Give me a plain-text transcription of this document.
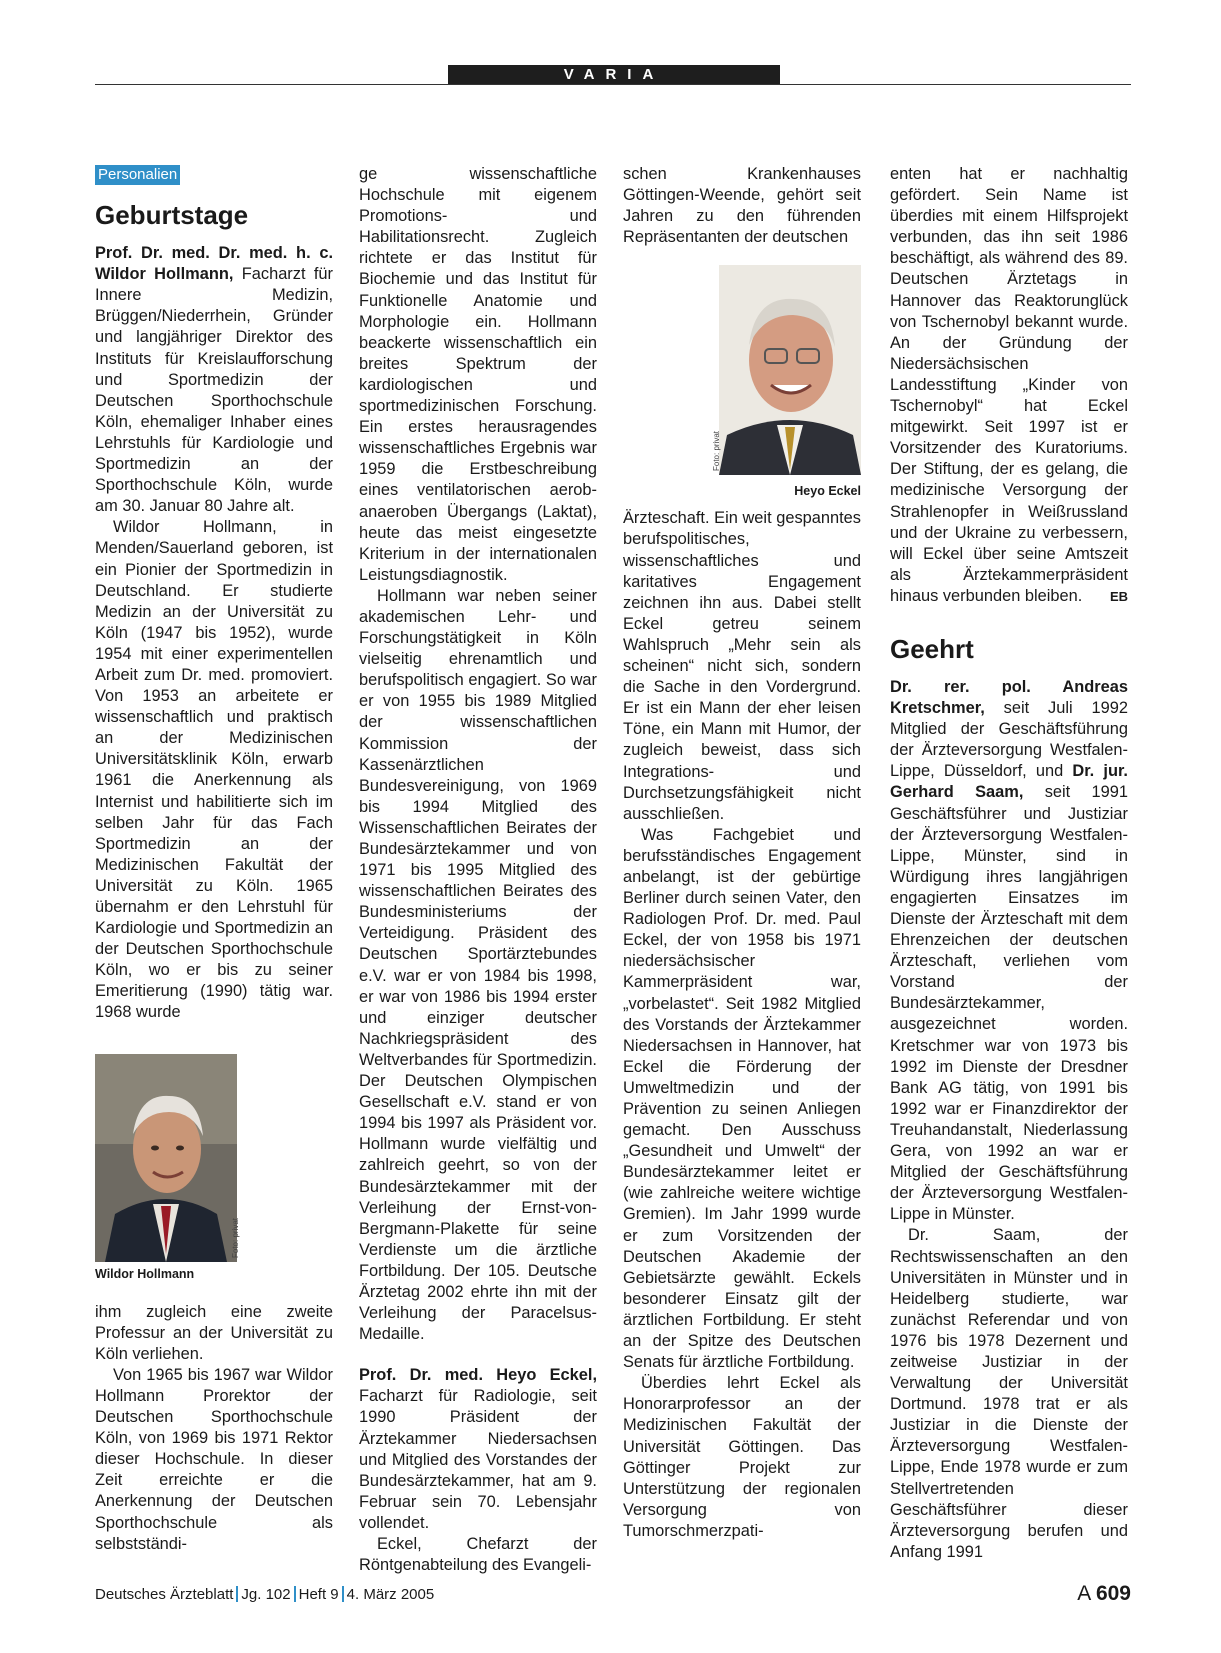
VARIA
Personalien
Geburtstage

Prof. Dr. med. Dr. med. h. c. Wildor Hollmann, Facharzt für Innere Medizin, Brüggen/Niederrhein, Gründer und langjähriger Direktor des Instituts für Kreislaufforschung und Sportmedizin der Deutschen Sporthochschule Köln, ehemaliger Inhaber eines Lehrstuhls für Kardiologie und Sportmedizin an der Sporthochschule Köln, wurde am 30. Januar 80 Jahre alt.

Wildor Hollmann, in Menden/Sauerland geboren, ist ein Pionier der Sportmedizin in Deutschland. Er studierte Medizin an der Universität zu Köln (1947 bis 1952), wurde 1954 mit einer experimentellen Arbeit zum Dr. med. promoviert. Von 1953 an arbeitete er wissenschaftlich und praktisch an der Medizinischen Universitätsklinik Köln, erwarb 1961 die Anerkennung als Internist und habilitierte sich im selben Jahr für das Fach Sportmedizin an der Medizinischen Fakultät der Universität zu Köln. 1965 übernahm er den Lehrstuhl für Kardiologie und Sportmedizin an der Deutschen Sporthochschule Köln, wo er bis zu seiner Emeritierung (1990) tätig war. 1968 wurde

Foto: privat
Wildor Hollmann

ihm zugleich eine zweite Professur an der Universität zu Köln verliehen.

Von 1965 bis 1967 war Wildor Hollmann Prorektor der Deutschen Sporthochschule Köln, von 1969 bis 1971 Rektor dieser Hochschule. In dieser Zeit erreichte er die Anerkennung der Deutschen Sporthochschule als selbstständi-

ge wissenschaftliche Hochschule mit eigenem Promotions- und Habilitationsrecht. Zugleich richtete er das Institut für Biochemie und das Institut für Funktionelle Anatomie und Morphologie ein. Hollmann beackerte wissenschaftlich ein breites Spektrum der kardiologischen und sportmedizinischen Forschung. Ein erstes herausragendes wissenschaftliches Ergebnis war 1959 die Erstbeschreibung eines ventilatorischen aerob-anaeroben Übergangs (Laktat), heute das meist eingesetzte Kriterium in der internationalen Leistungsdiagnostik.

Hollmann war neben seiner akademischen Lehr- und Forschungstätigkeit in Köln vielseitig ehrenamtlich und berufspolitisch engagiert. So war er von 1955 bis 1989 Mitglied der wissenschaftlichen Kommission der Kassenärztlichen Bundesvereinigung, von 1969 bis 1994 Mitglied des Wissenschaftlichen Beirates der Bundesärztekammer und von 1971 bis 1995 Mitglied des wissenschaftlichen Beirates des Bundesministeriums der Verteidigung. Präsident des Deutschen Sportärztebundes e.V. war er von 1984 bis 1998, er war von 1986 bis 1994 erster und einziger deutscher Nachkriegspräsident des Weltverbandes für Sportmedizin. Der Deutschen Olympischen Gesellschaft e.V. stand er von 1994 bis 1997 als Präsident vor. Hollmann wurde vielfältig und zahlreich geehrt, so von der Bundesärztekammer mit der Verleihung der Ernst-von-Bergmann-Plakette für seine Verdienste um die ärztliche Fortbildung. Der 105. Deutsche Ärztetag 2002 ehrte ihn mit der Verleihung der Paracelsus-Medaille.

Prof. Dr. med. Heyo Eckel, Facharzt für Radiologie, seit 1990 Präsident der Ärztekammer Niedersachsen und Mitglied des Vorstandes der Bundesärztekammer, hat am 9. Februar sein 70. Lebensjahr vollendet.

Eckel, Chefarzt der Röntgenabteilung des Evangeli-

schen Krankenhauses Göttingen-Weende, gehört seit Jahren zu den führenden Repräsentanten der deutschen

Foto: privat
Heyo Eckel

Ärzteschaft. Ein weit gespanntes berufspolitisches, wissenschaftliches und karitatives Engagement zeichnen ihn aus. Dabei stellt Eckel getreu seinem Wahlspruch „Mehr sein als scheinen“ nicht sich, sondern die Sache in den Vordergrund. Er ist ein Mann der eher leisen Töne, ein Mann mit Humor, der zugleich beweist, dass sich Integrations- und Durchsetzungsfähigkeit nicht ausschließen.

Was Fachgebiet und berufsständisches Engagement anbelangt, ist der gebürtige Berliner durch seinen Vater, den Radiologen Prof. Dr. med. Paul Eckel, der von 1958 bis 1971 niedersächsischer Kammerpräsident war, „vorbelastet“. Seit 1982 Mitglied des Vorstands der Ärztekammer Niedersachsen in Hannover, hat Eckel die Förderung der Umweltmedizin und der Prävention zu seinen Anliegen gemacht. Den Ausschuss „Gesundheit und Umwelt“ der Bundesärztekammer leitet er (wie zahlreiche weitere wichtige Gremien). Im Jahr 1999 wurde er zum Vorsitzenden der Deutschen Akademie der Gebietsärzte gewählt. Eckels besonderer Einsatz gilt der ärztlichen Fortbildung. Er steht an der Spitze des Deutschen Senats für ärztliche Fortbildung.

Überdies lehrt Eckel als Honorarprofessor an der Medizinischen Fakultät der Universität Göttingen. Das Göttinger Projekt zur Unterstützung der regionalen Versorgung von Tumorschmerzpati-

enten hat er nachhaltig gefördert. Sein Name ist überdies mit einem Hilfsprojekt verbunden, das ihn seit 1986 beschäftigt, als während des 89. Deutschen Ärztetags in Hannover das Reaktorunglück von Tschernobyl bekannt wurde. An der Gründung der Niedersächsischen Landesstiftung „Kinder von Tschernobyl“ hat Eckel mitgewirkt. Seit 1997 ist er Vorsitzender des Kuratoriums. Der Stiftung, der es gelang, die medizinische Versorgung der Strahlenopfer in Weißrussland und der Ukraine zu verbessern, will Eckel über seine Amtszeit als Ärztekammerpräsident hinaus verbunden bleiben. EB

Geehrt

Dr. rer. pol. Andreas Kretschmer, seit Juli 1992 Mitglied der Geschäftsführung der Ärzteversorgung Westfalen-Lippe, Düsseldorf, und Dr. jur. Gerhard Saam, seit 1991 Geschäftsführer und Justiziar der Ärzteversorgung Westfalen-Lippe, Münster, sind in Würdigung ihres langjährigen engagierten Einsatzes im Dienste der Ärzteschaft mit dem Ehrenzeichen der deutschen Ärzteschaft, verliehen vom Vorstand der Bundesärztekammer, ausgezeichnet worden. Kretschmer war von 1973 bis 1992 im Dienste der Dresdner Bank AG tätig, von 1991 bis 1992 war er Finanzdirektor der Treuhandanstalt, Niederlassung Gera, von 1992 an war er Mitglied der Geschäftsführung der Ärzteversorgung Westfalen-Lippe in Münster.

Dr. Saam, der Rechtswissenschaften an den Universitäten in Münster und in Heidelberg studierte, war zunächst Referendar und von 1976 bis 1978 Dezernent und zeitweise Justiziar in der Verwaltung der Universität Dortmund. 1978 trat er als Justiziar in die Dienste der Ärzteversorgung Westfalen-Lippe, Ende 1978 wurde er zum Stellvertretenden Geschäftsführer dieser Ärzteversorgung berufen und Anfang 1991

Deutsches Ärzteblatt Jg. 102 Heft 9 4. März 2005	A 609
